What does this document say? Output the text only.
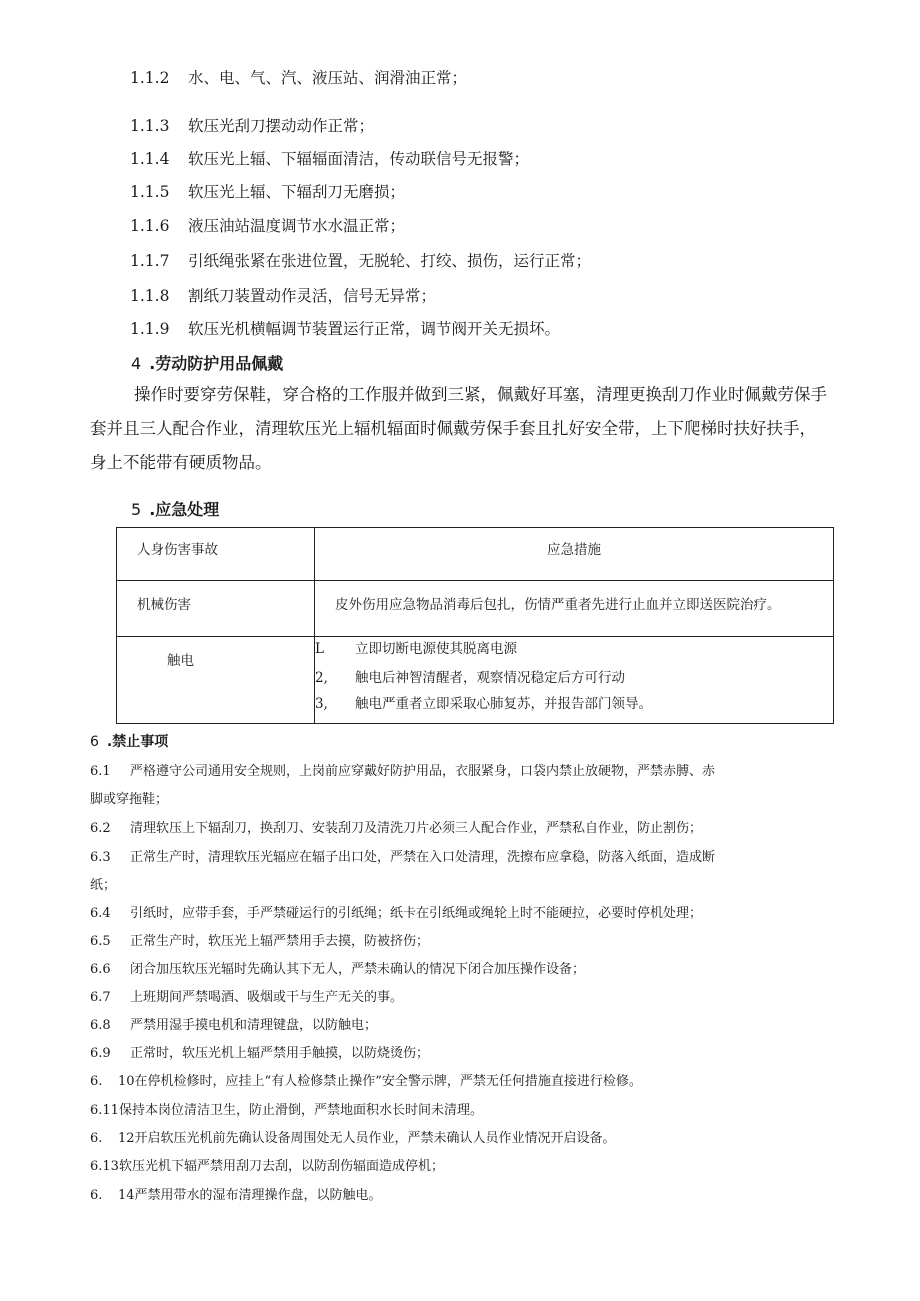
1.1.2 水、电、气、汽、液压站、润滑油正常；
1.1.3 软压光刮刀摆动动作正常；
1.1.4 软压光上辐、下辐辐面清洁，传动联信号无报警；
1.1.5 软压光上辐、下辐刮刀无磨损；
1.1.6 液压油站温度调节水水温正常；
1.1.7 引纸绳张紧在张进位置，无脱轮、打绞、损伤，运行正常；
1.1.8 割纸刀装置动作灵活，信号无异常；
1.1.9 软压光机横幅调节装置运行正常，调节阀开关无损坏。
4 .劳动防护用品佩戴
操作时要穿劳保鞋，穿合格的工作服并做到三紧，佩戴好耳塞，清理更换刮刀作业时佩戴劳保手
套并且三人配合作业，清理软压光上辐机辐面时佩戴劳保手套且扎好安全带，上下爬梯时扶好扶手，
身上不能带有硬质物品。
5 .应急处理
人身伤害事故	应急措施
机械伤害	皮外伤用应急物品消毒后包扎，伤情严重者先进行止血并立即送医院治疗。
触电	L 立即切断电源使其脱离电源
2, 触电后神智清醒者，观察情况稳定后方可行动
3, 触电严重者立即采取心肺复苏，并报告部门领导。
6 .禁止事项
6.1 严格遵守公司通用安全规则，上岗前应穿戴好防护用品，衣服紧身，口袋内禁止放硬物，严禁赤膊、赤
脚或穿拖鞋；
6.2 清理软压上下辐刮刀，换刮刀、安装刮刀及清洗刀片必须三人配合作业，严禁私自作业，防止割伤；
6.3 正常生产时，清理软压光辐应在辐子出口处，严禁在入口处清理，洗擦布应拿稳，防落入纸面，造成断
纸；
6.4 引纸时，应带手套，手严禁碰运行的引纸绳；纸卡在引纸绳或绳轮上时不能硬拉，必要时停机处理；
6.5 正常生产时，软压光上辐严禁用手去摸，防被挤伤；
6.6 闭合加压软压光辐时先确认其下无人，严禁未确认的情况下闭合加压操作设备；
6.7 上班期间严禁喝酒、吸烟或干与生产无关的事。
6.8 严禁用湿手摸电机和清理键盘，以防触电；
6.9 正常时，软压光机上辐严禁用手触摸，以防烧烫伤；
6. 10在停机检修时，应挂上“有人检修禁止操作”安全警示牌，严禁无任何措施直接进行检修。
6.11保持本岗位清洁卫生，防止滑倒，严禁地面积水长时间未清理。
6. 12开启软压光机前先确认设备周围处无人员作业，严禁未确认人员作业情况开启设备。
6.13软压光机下辐严禁用刮刀去刮，以防刮伤辐面造成停机；
6. 14严禁用带水的湿布清理操作盘，以防触电。
